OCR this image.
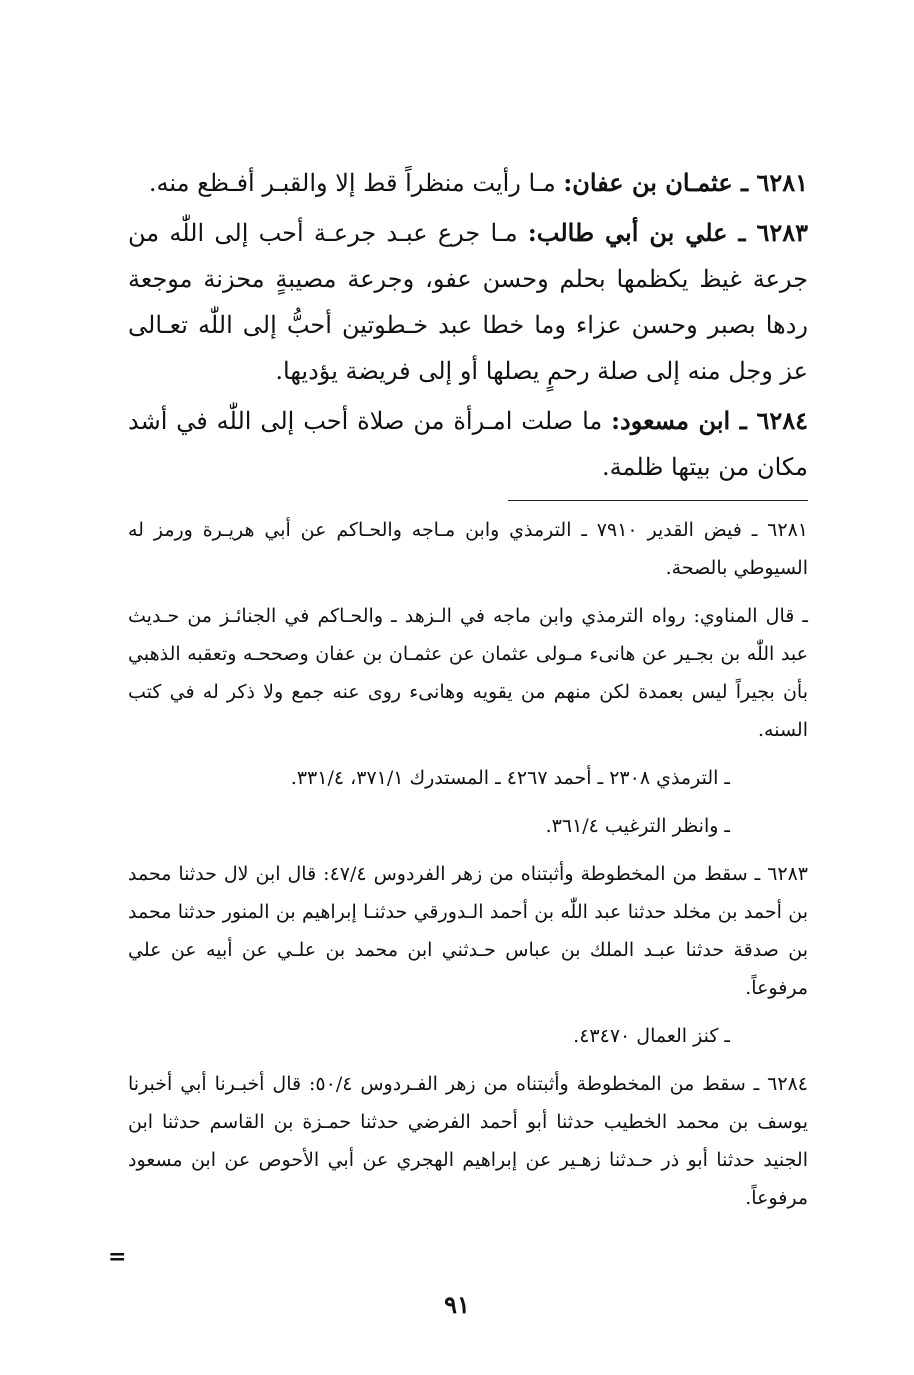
٦٢٨١ ـ عثمـان بن عفان: مـا رأيت منظراً قط إلا والقبـر أفـظع منه.

٦٢٨٣ ـ علي بن أبي طالب: مـا جرع عبـد جرعـة أحب إلى اللّٰه من جرعة غيظ يكظمها بحلم وحسن عفو، وجرعة مصيبةٍ محزنة موجعة ردها بصبر وحسن عزاء وما خطا عبد خـطوتين أحبُّ إلى اللّٰه تعـالى عز وجل منه إلى صلة رحمٍ يصلها أو إلى فريضة يؤديها.

٦٢٨٤ ـ ابن مسعود: ما صلت امـرأة من صلاة أحب إلى اللّٰه في أشد مكان من بيتها ظلمة.

٦٢٨١ ـ فيض القدير ٧٩١٠ ـ الترمذي وابن مـاجه والحـاكم عن أبي هريـرة ورمز له السيوطي بالصحة.

ـ قال المناوي: رواه الترمذي وابن ماجه في الـزهد ـ والحـاكم في الجنائـز من حـديث عبد اللّٰه بن بجـير عن هانىء مـولى عثمان عن عثمـان بن عفان وصححـه وتعقبه الذهبي بأن بجيراً ليس بعمدة لكن منهم من يقويه وهانىء روى عنه جمع ولا ذكر له في كتب السنه.

ـ الترمذي ٢٣٠٨ ـ أحمد ٤٢٦٧ ـ المستدرك ٣٧١/١، ٣٣١/٤.

ـ وانظر الترغيب ٣٦١/٤.

٦٢٨٣ ـ سقط من المخطوطة وأثبتناه من زهر الفردوس ٤٧/٤: قال ابن لال حدثنا محمد بن أحمد بن مخلد حدثنا عبد اللّٰه بن أحمد الـدورقي حدثنـا إبراهيم بن المنور حدثنا محمد بن صدقة حدثنا عبـد الملك بن عباس حـدثني ابن محمد بن علـي عن أبيه عن علي مرفوعاً.

ـ كنز العمال ٤٣٤٧٠.

٦٢٨٤ ـ سقط من المخطوطة وأثبتناه من زهر الفـردوس ٥٠/٤: قال أخبـرنا أبي أخبرنا يوسف بن محمد الخطيب حدثنا أبو أحمد الفرضي حدثنا حمـزة بن القاسم حدثنا ابن الجنيد حدثنا أبو ذر حـدثنا زهـير عن إبراهيم الهجري عن أبي الأحوص عن ابن مسعود مرفوعاً.

=
٩١
